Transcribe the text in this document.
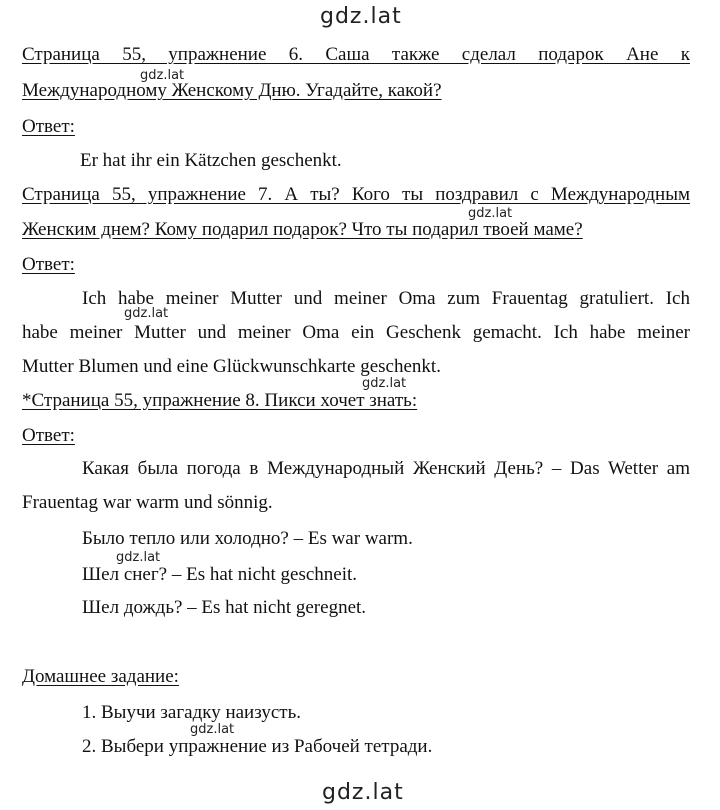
gdz.lat
Страница 55, упражнение 6. Саша также сделал подарок Ане к
gdz.lat
Международному Женскому Дню. Угадайте, какой?
Ответ:
Er hat ihr ein Kätzchen geschenkt.
Страница 55, упражнение 7. А ты? Кого ты поздравил с Международным
gdz.lat
Женским днем? Кому подарил подарок? Что ты подарил твоей маме?
Ответ:
Ich habe meiner Mutter und meiner Oma zum Frauentag gratuliert. Ich
gdz.lat
habe meiner Mutter und meiner Oma ein Geschenk gemacht. Ich habe meiner
Mutter Blumen und eine Glückwunschkarte geschenkt.
gdz.lat
*Страница 55, упражнение 8. Пикси хочет знать:
Ответ:
Какая была погода в Международный Женский День? – Das Wetter am
Frauentag war warm und sönnig.
Было тепло или холодно? – Es war warm.
gdz.lat
Шел снег? – Es hat nicht geschneit.
Шел дождь? – Es hat nicht geregnet.
Домашнее задание:
1. Выучи загадку наизусть.
gdz.lat
2. Выбери упражнение из Рабочей тетради.
gdz.lat
